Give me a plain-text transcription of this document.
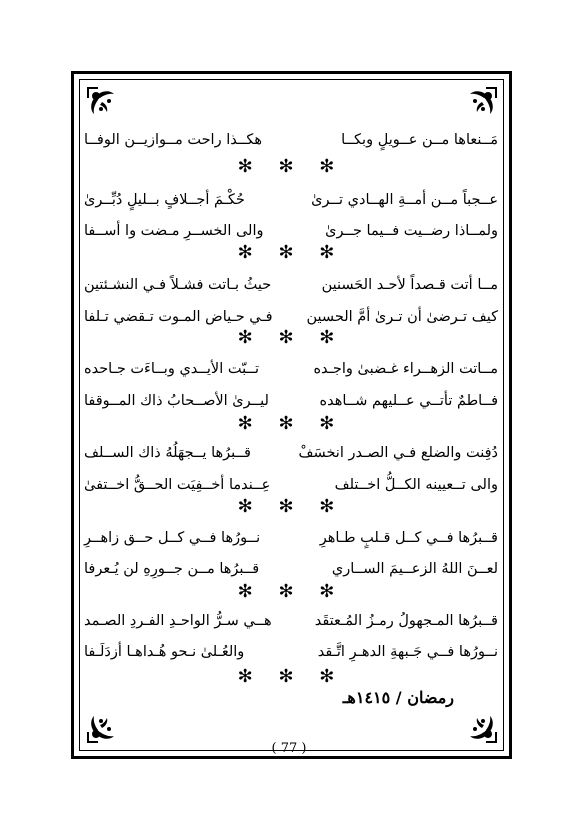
مَــنعاها مــن عــويلٍ وبكــا
هكــذا راحت مــوازيــن الوفــا
✻ ✻ ✻
عــجباً مــن أمــةِ الهــادي تــرىٰ
حُكْـمَ أجــلافٍ بــليلٍ دُبِّــرىٰ
ولمــاذا رضــيت فــيما جــرىٰ
والى الخســرِ مـضت وا أســفا
✻ ✻ ✻
مــا أتت قـصداً لأحـد الحَسنين
حيثُ بـاتت فشـلاً فـي النشـئتين
كيف تـرضىٰ أن تـرىٰ أمَّ الحسين
فـي حـياض المـوت تـقضي تـلفا
✻ ✻ ✻
مــاتت الزهــراء غـضبىٰ واجـده
تــبّت الأيــدي وبــاءَت جـاحده
فــاطمٌ تأتــي عــليهم شــاهده
ليــرىٰ الأصــحابُ ذاك المــوقفا
✻ ✻ ✻
دُفِنت والضلع فـي الصـدر انخسَفْ
قــبرُها يــجهَلُهُ ذاك الســلف
والى تــعيينه الكــلُّ اخــتلف
عِــندما أخــفِيَت الحــقُّ اخــتفىٰ
✻ ✻ ✻
قــبرُها فــي كــل قـلبٍ طـاهرِ
نــورُها فــي كــل حــق زاهــرِ
لعــنَ اللهُ الزعــيمَ الســاري
قــبرُها مــن جــورِهِ لن يُـعرفا
✻ ✻ ✻
قــبرُها المـجهولُ رمـزُ المُـعتقَد
هــي سـرُّ الواحـدِ الفـردِ الصـمد
نــورُها فــي جَـبهةِ الدهـرِ اتَّـقد
والعُـلىٰ نـحو هُـداهـا أزدَلَـفا
✻ ✻ ✻
رمضان / ١٤١٥هـ
( 77 )
